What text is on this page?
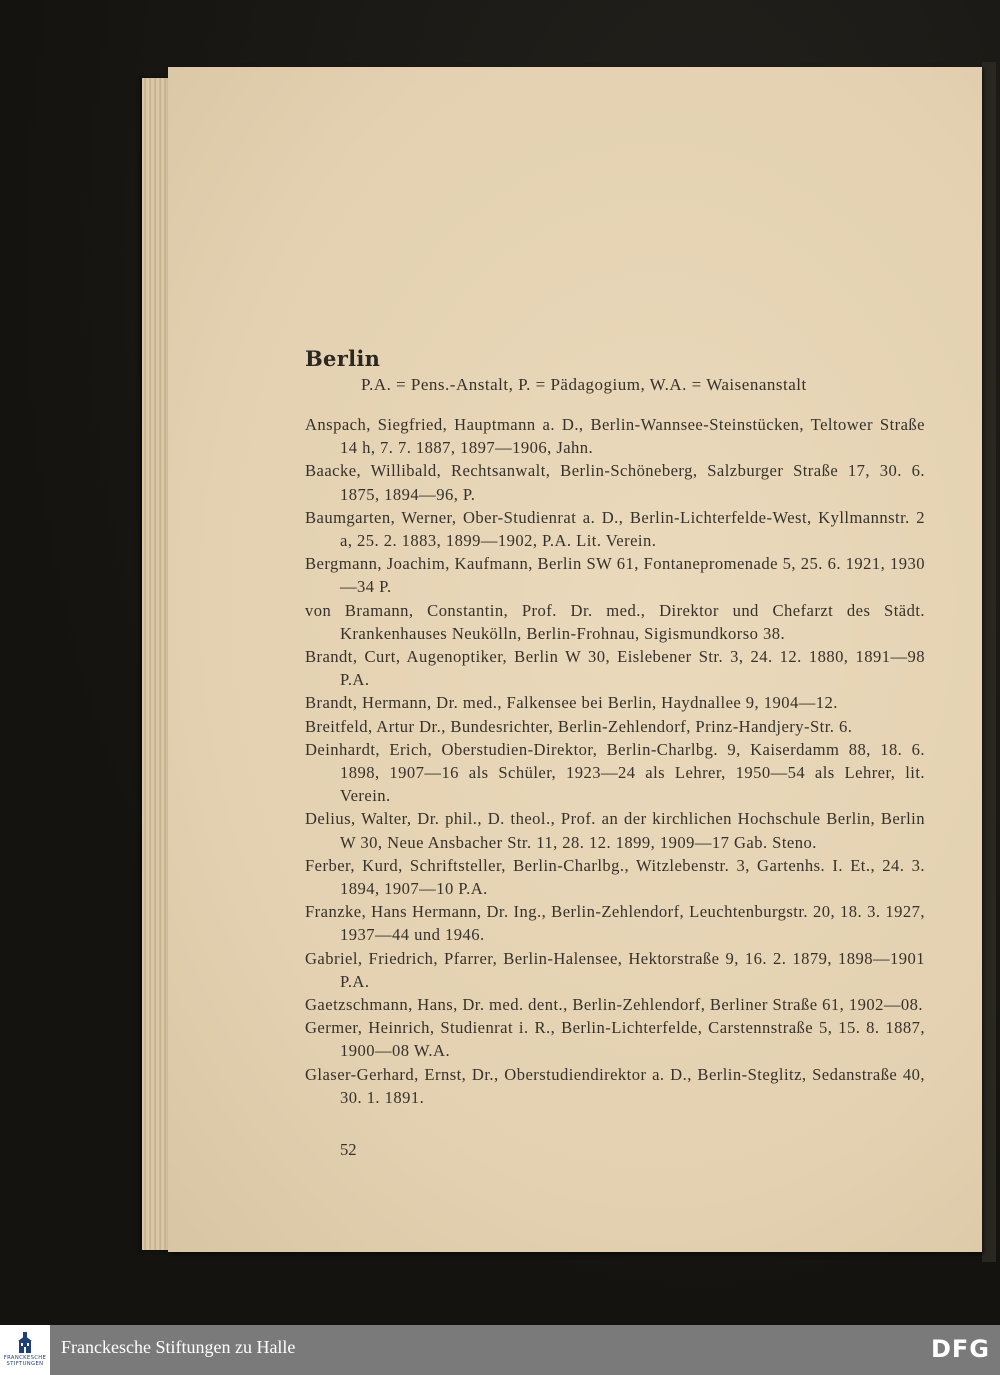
Berlin

P.A. = Pens.-Anstalt, P. = Pädagogium, W.A. = Waisenanstalt

Anspach, Siegfried, Hauptmann a. D., Berlin-Wannsee-Steinstücken, Teltower Straße 14 h, 7. 7. 1887, 1897—1906, Jahn.

Baacke, Willibald, Rechtsanwalt, Berlin-Schöneberg, Salzburger Straße 17, 30. 6. 1875, 1894—96, P.

Baumgarten, Werner, Ober-Studienrat a. D., Berlin-Lichterfelde-West, Kyllmannstr. 2 a, 25. 2. 1883, 1899—1902, P.A. Lit. Verein.

Bergmann, Joachim, Kaufmann, Berlin SW 61, Fontanepromenade 5, 25. 6. 1921, 1930—34 P.

von Bramann, Constantin, Prof. Dr. med., Direktor und Chefarzt des Städt. Krankenhauses Neukölln, Berlin-Frohnau, Sigismundkorso 38.

Brandt, Curt, Augenoptiker, Berlin W 30, Eislebener Str. 3, 24. 12. 1880, 1891—98 P.A.

Brandt, Hermann, Dr. med., Falkensee bei Berlin, Haydnallee 9, 1904—12.

Breitfeld, Artur Dr., Bundesrichter, Berlin-Zehlendorf, Prinz-Handjery-Str. 6.

Deinhardt, Erich, Oberstudien-Direktor, Berlin-Charlbg. 9, Kaiserdamm 88, 18. 6. 1898, 1907—16 als Schüler, 1923—24 als Lehrer, 1950—54 als Lehrer, lit. Verein.

Delius, Walter, Dr. phil., D. theol., Prof. an der kirchlichen Hochschule Berlin, Berlin W 30, Neue Ansbacher Str. 11, 28. 12. 1899, 1909—17 Gab. Steno.

Ferber, Kurd, Schriftsteller, Berlin-Charlbg., Witzlebenstr. 3, Gartenhs. I. Et., 24. 3. 1894, 1907—10 P.A.

Franzke, Hans Hermann, Dr. Ing., Berlin-Zehlendorf, Leuchtenburgstr. 20, 18. 3. 1927, 1937—44 und 1946.

Gabriel, Friedrich, Pfarrer, Berlin-Halensee, Hektorstraße 9, 16. 2. 1879, 1898—1901 P.A.

Gaetzschmann, Hans, Dr. med. dent., Berlin-Zehlendorf, Berliner Straße 61, 1902—08.

Germer, Heinrich, Studienrat i. R., Berlin-Lichterfelde, Carstennstraße 5, 15. 8. 1887, 1900—08 W.A.

Glaser-Gerhard, Ernst, Dr., Oberstudiendirektor a. D., Berlin-Steglitz, Sedanstraße 40, 30. 1. 1891.

52
FRANCKESCHE
STIFTUNGEN
Franckesche Stiftungen zu Halle	DFG
